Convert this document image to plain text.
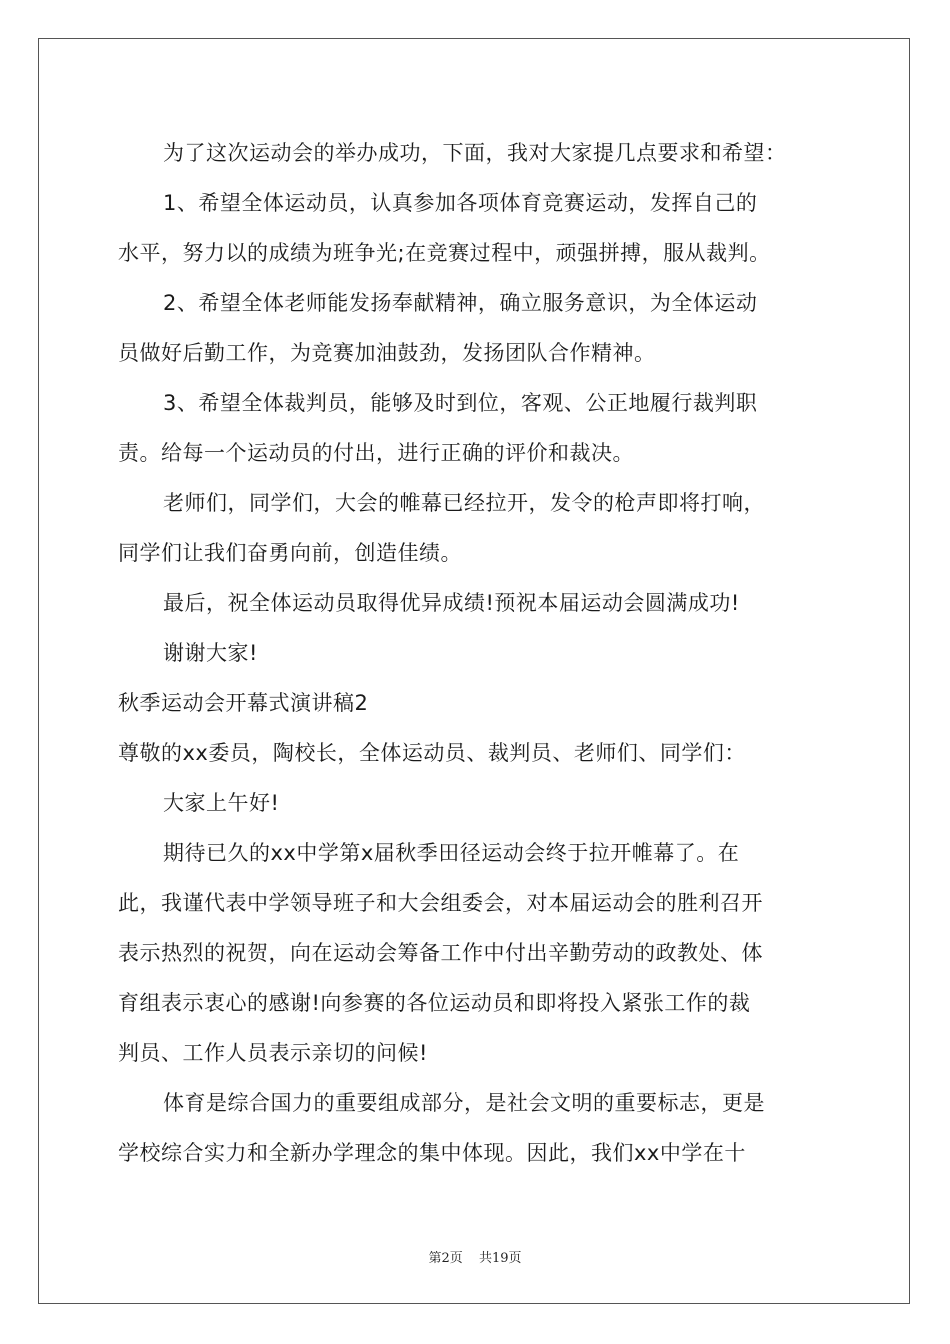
为了这次运动会的举办成功，下面，我对大家提几点要求和希望：
1、希望全体运动员，认真参加各项体育竞赛运动，发挥自己的
水平，努力以的成绩为班争光;在竞赛过程中，顽强拼搏，服从裁判。
2、希望全体老师能发扬奉献精神，确立服务意识，为全体运动
员做好后勤工作，为竞赛加油鼓劲，发扬团队合作精神。
3、希望全体裁判员，能够及时到位，客观、公正地履行裁判职
责。给每一个运动员的付出，进行正确的评价和裁决。
老师们，同学们，大会的帷幕已经拉开，发令的枪声即将打响，
同学们让我们奋勇向前，创造佳绩。
最后，祝全体运动员取得优异成绩!预祝本届运动会圆满成功!
谢谢大家!
秋季运动会开幕式演讲稿2
尊敬的xx委员，陶校长，全体运动员、裁判员、老师们、同学们：
大家上午好!
期待已久的xx中学第x届秋季田径运动会终于拉开帷幕了。在
此，我谨代表中学领导班子和大会组委会，对本届运动会的胜利召开
表示热烈的祝贺，向在运动会筹备工作中付出辛勤劳动的政教处、体
育组表示衷心的感谢!向参赛的各位运动员和即将投入紧张工作的裁
判员、工作人员表示亲切的问候!
体育是综合国力的重要组成部分，是社会文明的重要标志，更是
学校综合实力和全新办学理念的集中体现。因此，我们xx中学在十
第2页 共19页
